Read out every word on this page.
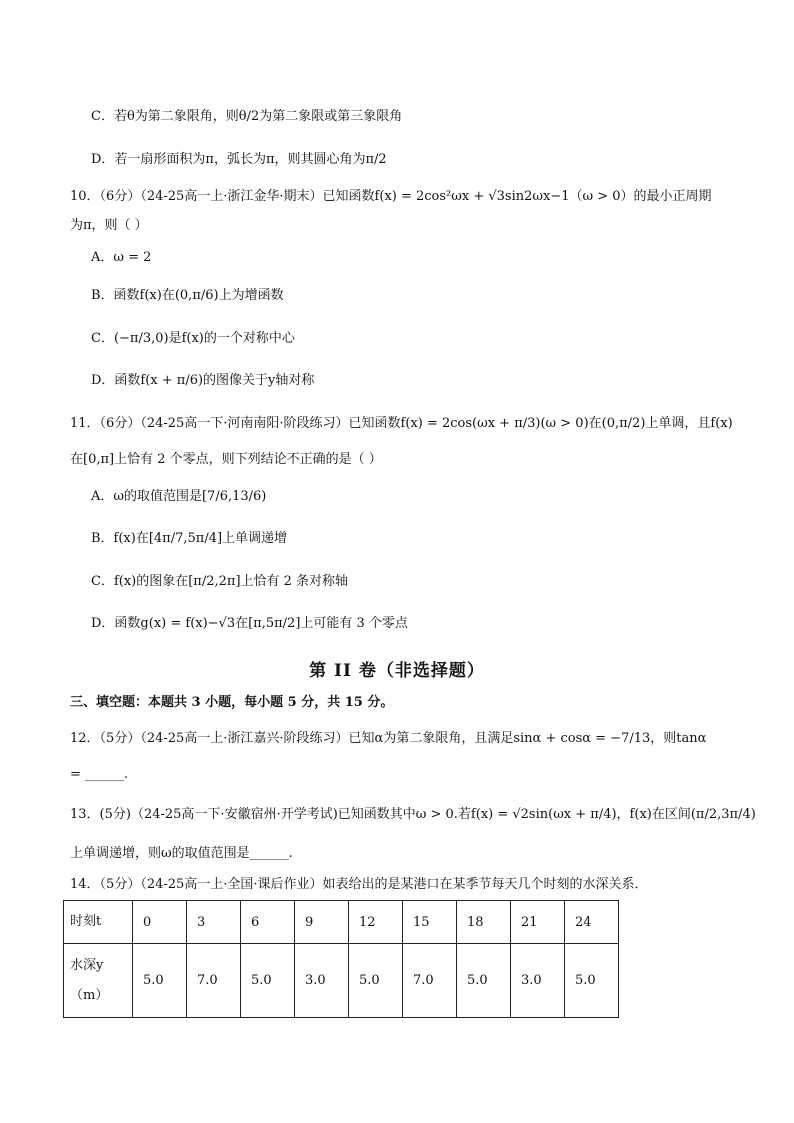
C．若θ为第二象限角，则θ/2为第二象限或第三象限角
D．若一扇形面积为π，弧长为π，则其圆心角为π/2
10．（6分）（24-25高一上·浙江金华·期末）已知函数f(x) = 2cos²ωx + √3sin2ωx−1（ω > 0）的最小正周期
为π，则（ ）
A．ω = 2
B．函数f(x)在(0,π/6)上为增函数
C．(−π/3,0)是f(x)的一个对称中心
D．函数f(x + π/6)的图像关于y轴对称
11．（6分）（24-25高一下·河南南阳·阶段练习）已知函数f(x) = 2cos(ωx + π/3)(ω > 0)在(0,π/2)上单调，且f(x)
在[0,π]上恰有 2 个零点，则下列结论不正确的是（ ）
A．ω的取值范围是[7/6,13/6)
B．f(x)在[4π/7,5π/4]上单调递增
C．f(x)的图象在[π/2,2π]上恰有 2 条对称轴
D．函数g(x) = f(x)−√3在[π,5π/2]上可能有 3 个零点
第 II 卷（非选择题）
三、填空题：本题共 3 小题，每小题 5 分，共 15 分。
12．（5分）（24-25高一上·浙江嘉兴·阶段练习）已知α为第二象限角，且满足sinα + cosα = −7/13，则tanα
= ______.
13．(5分)（24-25高一下·安徽宿州·开学考试)已知函数其中ω > 0.若f(x) = √2sin(ωx + π/4)，f(x)在区间(π/2,3π/4)
上单调递增，则ω的取值范围是______.
14．（5分）（24-25高一上·全国·课后作业）如表给出的是某港口在某季节每天几个时刻的水深关系．
时刻t	0	3	6	9	12	15	18	21	24

水深y
（m）	5.0	7.0	5.0	3.0	5.0	7.0	5.0	3.0	5.0
